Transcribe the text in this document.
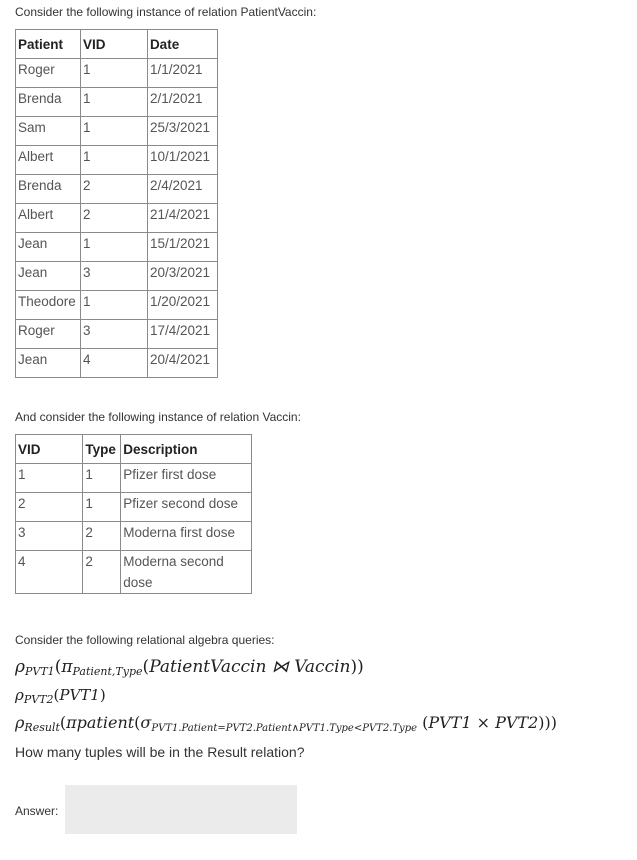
Consider the following instance of relation PatientVaccin:

Patient	VID	Date
Roger	1	1/1/2021
Brenda	1	2/1/2021
Sam	1	25/3/2021
Albert	1	10/1/2021
Brenda	2	2/4/2021
Albert	2	21/4/2021
Jean	1	15/1/2021
Jean	3	20/3/2021
Theodore	1	1/20/2021
Roger	3	17/4/2021
Jean	4	20/4/2021

And consider the following instance of relation Vaccin:

VID	Type	Description
1	1	Pfizer first dose
2	1	Pfizer second dose
3	2	Moderna first dose
4	2	Moderna second dose

Consider the following relational algebra queries:

$\rho_{PVT1}(\pi_{Patient,Type}(PatientVaccin$ ⋈ Vaccin))
$\rho_{PVT2}(PVT1)$
$\rho_{Result}(\pi patient(\sigma_{PVT1.Patient=PVT2.Patient\wedge PVT1.Type<PVT2.Type}$ (PVT1 × PVT2)))

How many tuples will be in the Result relation?

Answer:
